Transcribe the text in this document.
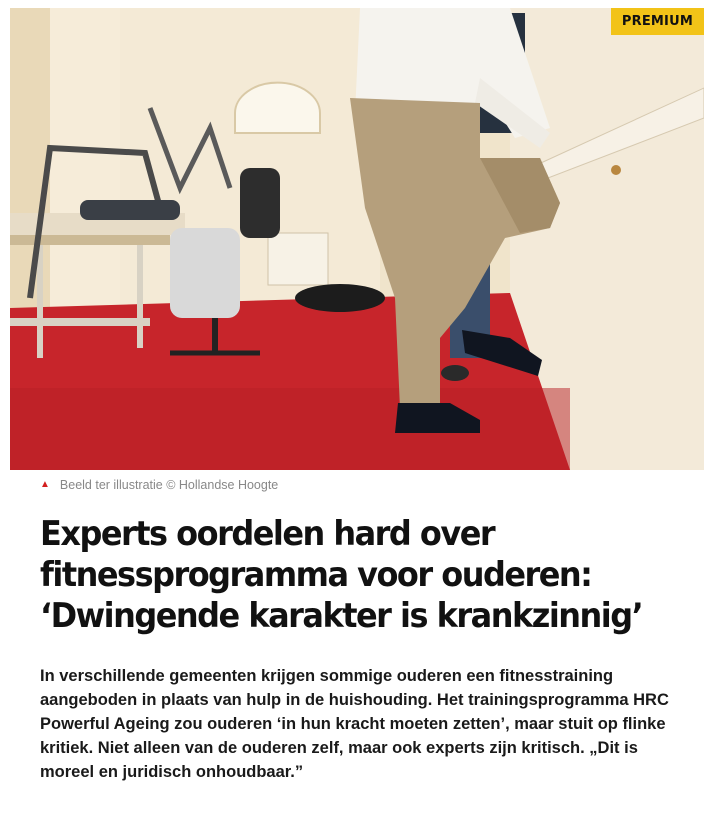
PREMIUM
▲ Beeld ter illustratie © Hollandse Hoogte
Experts oordelen hard over fitnessprogramma voor ouderen: ‘Dwingende karakter is krankzinnig’

In verschillende gemeenten krijgen sommige ouderen een fitnesstraining aangeboden in plaats van hulp in de huishouding. Het trainingsprogramma HRC Powerful Ageing zou ouderen ‘in hun kracht moeten zetten’, maar stuit op flinke kritiek. Niet alleen van de ouderen zelf, maar ook experts zijn kritisch. „Dit is moreel en juridisch onhoudbaar.”
